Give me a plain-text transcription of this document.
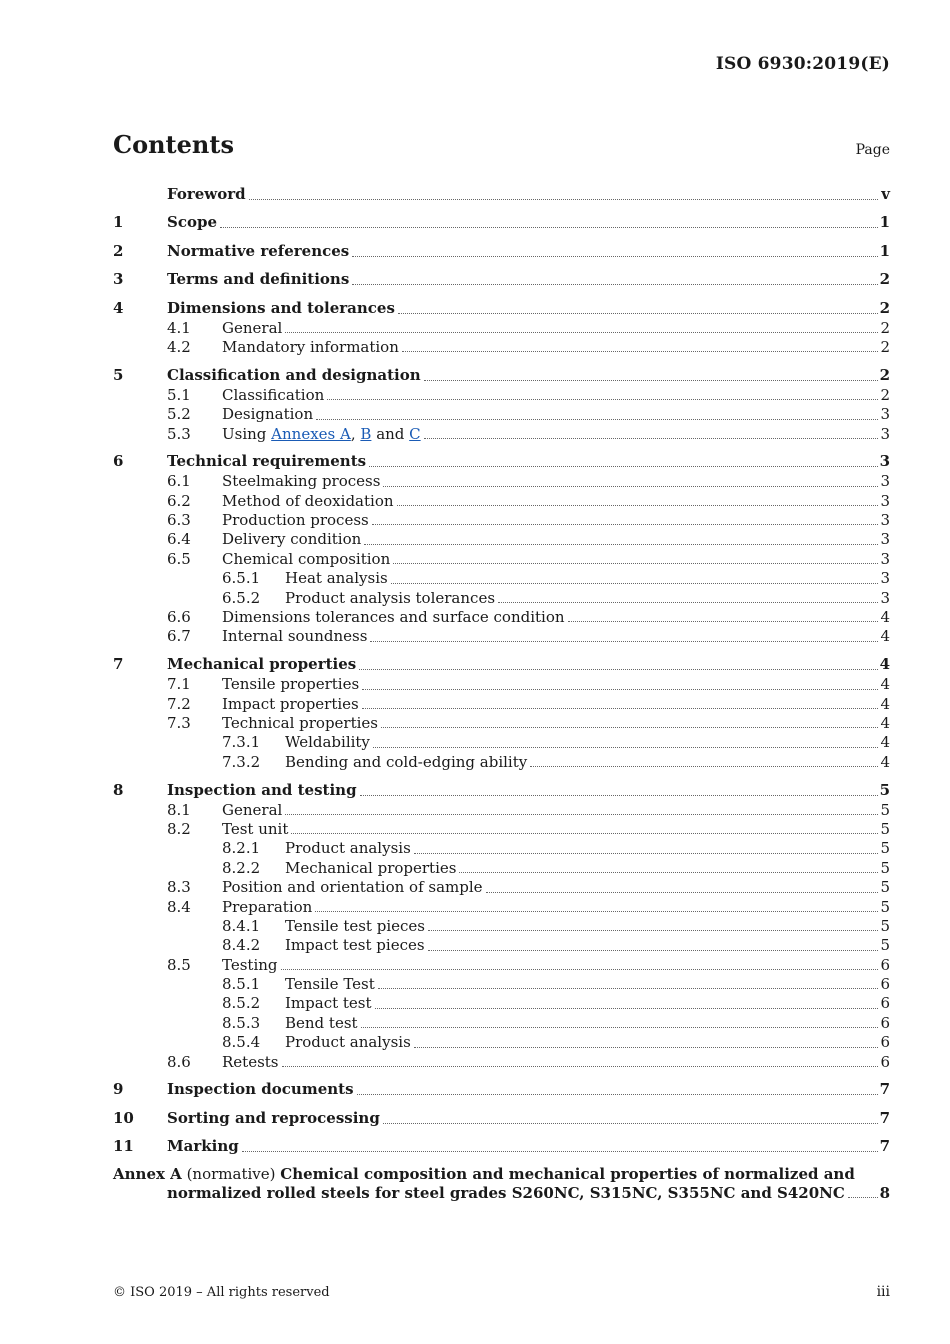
ISO 6930:2019(E)
Contents	Page
Foreword	v
1	Scope	1
2	Normative references	1
3	Terms and definitions	2
4	Dimensions and tolerances	2
4.1	General	2
4.2	Mandatory information	2
5	Classification and designation	2
5.1	Classification	2
5.2	Designation	3
5.3	Using Annexes A, B and C	3
6	Technical requirements	3
6.1	Steelmaking process	3
6.2	Method of deoxidation	3
6.3	Production process	3
6.4	Delivery condition	3
6.5	Chemical composition	3
6.5.1	Heat analysis	3
6.5.2	Product analysis tolerances	3
6.6	Dimensions tolerances and surface condition	4
6.7	Internal soundness	4
7	Mechanical properties	4
7.1	Tensile properties	4
7.2	Impact properties	4
7.3	Technical properties	4
7.3.1	Weldability	4
7.3.2	Bending and cold-edging ability	4
8	Inspection and testing	5
8.1	General	5
8.2	Test unit	5
8.2.1	Product analysis	5
8.2.2	Mechanical properties	5
8.3	Position and orientation of sample	5
8.4	Preparation	5
8.4.1	Tensile test pieces	5
8.4.2	Impact test pieces	5
8.5	Testing	6
8.5.1	Tensile Test	6
8.5.2	Impact test	6
8.5.3	Bend test	6
8.5.4	Product analysis	6
8.6	Retests	6
9	Inspection documents	7
10	Sorting and reprocessing	7
11	Marking	7
Annex A (normative) Chemical composition and mechanical properties of normalized and
normalized rolled steels for steel grades S260NC, S315NC, S355NC and S420NC 8
© ISO 2019 – All rights reserved	iii
